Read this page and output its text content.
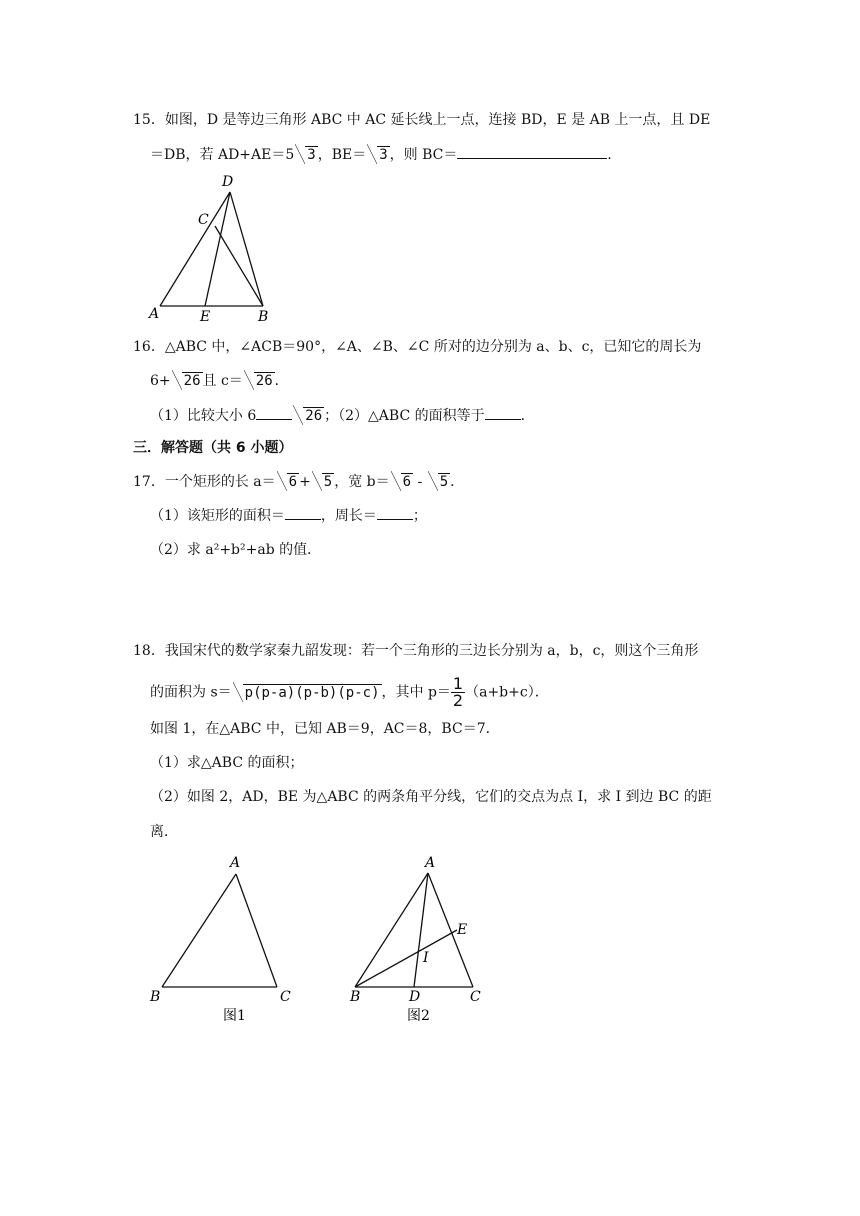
15．如图，D 是等边三角形 ABC 中 AC 延长线上一点，连接 BD，E 是 AB 上一点，且 DE
＝DB，若 AD+AE＝5 3 ，BE＝ 3 ，则 BC＝	．
D
C
A	E	B
16．△ABC 中，∠ACB＝90°，∠A、∠B、∠C 所对的边分别为 a、b、c，已知它的周长为
6+ 26 且 c＝ 26 ．
（1）比较大小 6	26 ；（2）△ABC 的面积等于	．
三．解答题（共 6 小题）
17．一个矩形的长 a＝ 6 + 5 ，宽 b＝ 6 - 5 ．
（1）该矩形的面积＝	，周长＝	；
（2）求 a²+b²+ab 的值．
18．我国宋代的数学家秦九韶发现：若一个三角形的三边长分别为 a，b，c，则这个三角形
的面积为 s＝ p(p-a)(p-b)(p-c) ，其中 $p= \frac{1}{2} (a+b+c)$．
如图 1，在△ABC 中，已知 AB＝9，AC＝8，BC＝7．
（1）求△ABC 的面积；
（2）如图 2，AD，BE 为△ABC 的两条角平分线，它们的交点为点 I，求 I 到边 BC 的距
离．
A
B	C
图1
A
E
I
B	D	C
图2
